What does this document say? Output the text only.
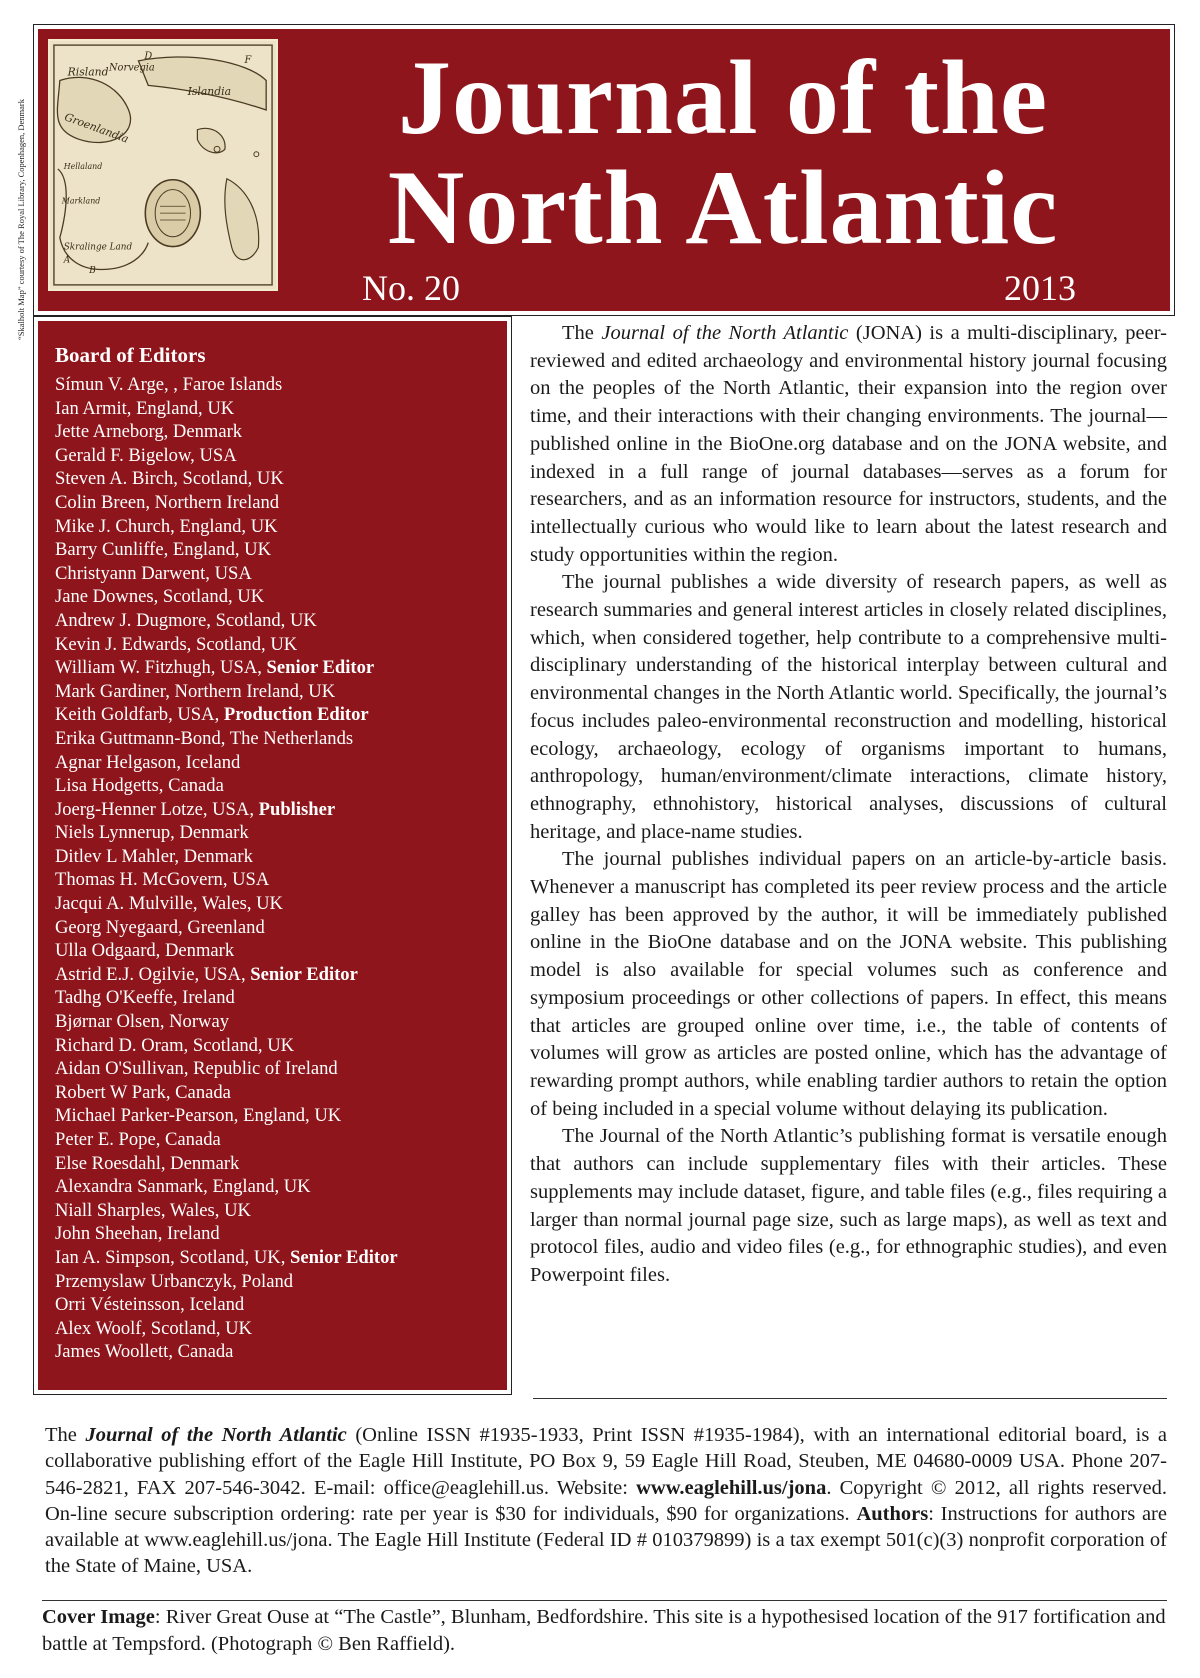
“Skalholt Map” courtesy of The Royal Library, Copenhagen, Denmark
Risland Norvegia
Groenlandia
Islandia
Hellaland
Markland
Skralinge Land
A
B
D	F	Journal of the
North Atlantic
No. 20	2013
Board of Editors
Símun V. Arge, , Faroe Islands
Ian Armit, England, UK
Jette Arneborg, Denmark
Gerald F. Bigelow, USA
Steven A. Birch, Scotland, UK
Colin Breen, Northern Ireland
Mike J. Church, England, UK
Barry Cunliffe, England, UK
Christyann Darwent, USA
Jane Downes, Scotland, UK
Andrew J. Dugmore, Scotland, UK
Kevin J. Edwards, Scotland, UK
William W. Fitzhugh, USA, Senior Editor
Mark Gardiner, Northern Ireland, UK
Keith Goldfarb, USA, Production Editor
Erika Guttmann-Bond, The Netherlands
Agnar Helgason, Iceland
Lisa Hodgetts, Canada
Joerg-Henner Lotze, USA, Publisher
Niels Lynnerup, Denmark
Ditlev L Mahler, Denmark
Thomas H. McGovern, USA
Jacqui A. Mulville, Wales, UK
Georg Nyegaard, Greenland
Ulla Odgaard, Denmark
Astrid E.J. Ogilvie, USA, Senior Editor
Tadhg O'Keeffe, Ireland
Bjørnar Olsen, Norway
Richard D. Oram, Scotland, UK
Aidan O'Sullivan, Republic of Ireland
Robert W Park, Canada
Michael Parker-Pearson, England, UK
Peter E. Pope, Canada
Else Roesdahl, Denmark
Alexandra Sanmark, England, UK
Niall Sharples, Wales, UK
John Sheehan, Ireland
Ian A. Simpson, Scotland, UK, Senior Editor
Przemyslaw Urbanczyk, Poland
Orri Vésteinsson, Iceland
Alex Woolf, Scotland, UK
James Woollett, Canada

The Journal of the North Atlantic (JONA) is a multi-disciplinary, peer-reviewed and edited archaeology and environmental history journal focusing on the peoples of the North Atlantic, their expansion into the region over time, and their interactions with their changing environments. The journal—published online in the BioOne.org database and on the JONA website, and indexed in a full range of journal databases—serves as a forum for researchers, and as an information resource for instructors, students, and the intellectually curious who would like to learn about the latest research and study opportunities within the region.

The journal publishes a wide diversity of research papers, as well as research summaries and general interest articles in closely related disciplines, which, when considered together, help contribute to a comprehensive multi-disciplinary understanding of the historical interplay between cultural and environmental changes in the North Atlantic world. Specifically, the journal’s focus includes paleo-environmental reconstruction and modelling, historical ecology, archaeology, ecology of organisms important to humans, anthropology, human/environment/climate interactions, climate history, ethnography, ethnohistory, historical analyses, discussions of cultural heritage, and place-name studies.

The journal publishes individual papers on an article-by-article basis. Whenever a manuscript has completed its peer review process and the article galley has been approved by the author, it will be immediately published online in the BioOne database and on the JONA website. This publishing model is also available for special volumes such as conference and symposium proceedings or other collections of papers. In effect, this means that articles are grouped online over time, i.e., the table of contents of volumes will grow as articles are posted online, which has the advantage of rewarding prompt authors, while enabling tardier authors to retain the option of being included in a special volume without delaying its publication.

The Journal of the North Atlantic’s publishing format is versatile enough that authors can include supplementary files with their articles. These supplements may include dataset, figure, and table files (e.g., files requiring a larger than normal journal page size, such as large maps), as well as text and protocol files, audio and video files (e.g., for ethnographic studies), and even Powerpoint files.

The Journal of the North Atlantic (Online ISSN #1935-1933, Print ISSN #1935-1984), with an international editorial board, is a collaborative publishing effort of the Eagle Hill Institute, PO Box 9, 59 Eagle Hill Road, Steuben, ME 04680-0009 USA. Phone 207-546-2821, FAX 207-546-3042. E-mail: office@eaglehill.us. Website: www.eaglehill.us/jona. Copyright © 2012, all rights reserved. On-line secure subscription ordering: rate per year is $30 for individuals, $90 for organizations. Authors: Instructions for authors are available at www.eaglehill.us/jona. The Eagle Hill Institute (Federal ID # 010379899) is a tax exempt 501(c)(3) nonprofit corporation of the State of Maine, USA.

Cover Image: River Great Ouse at “The Castle”, Blunham, Bedfordshire. This site is a hypothesised location of the 917 fortification and battle at Tempsford. (Photograph © Ben Raffield).
